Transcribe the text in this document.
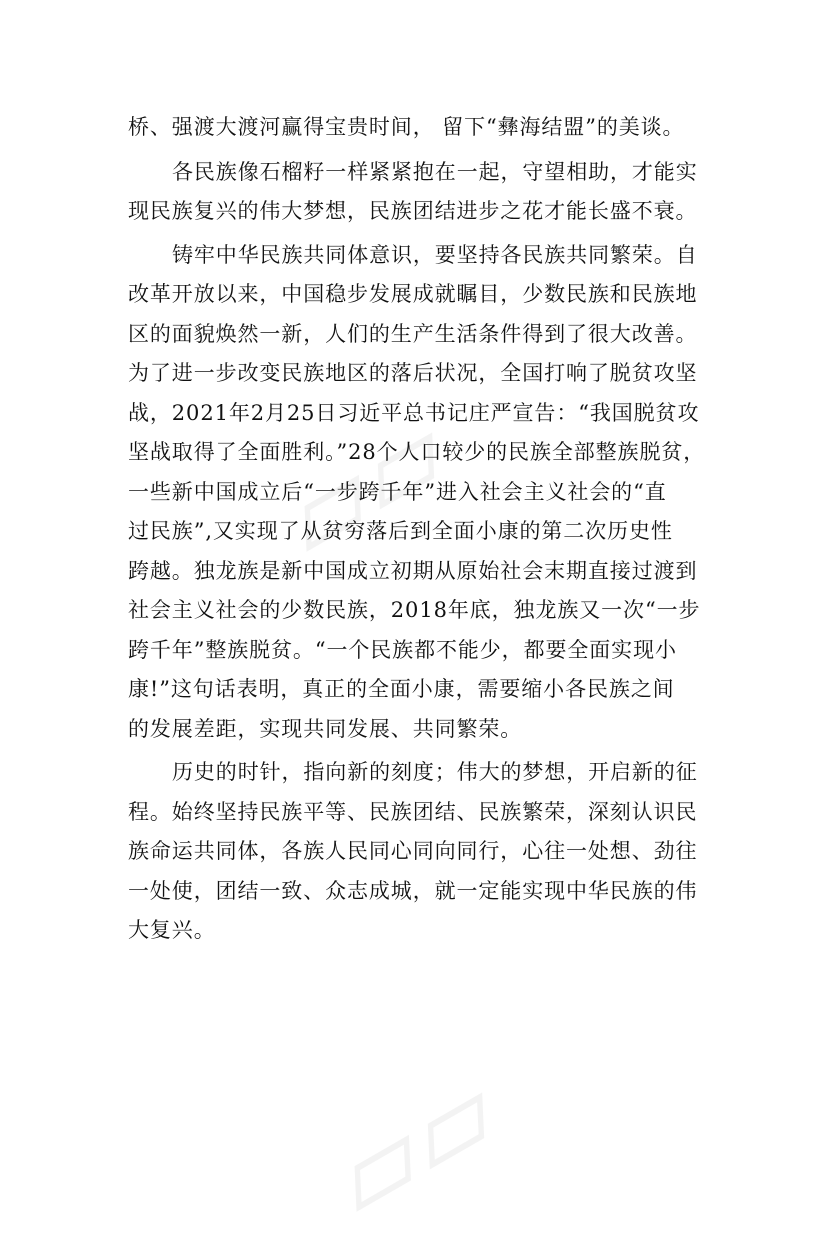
桥、强渡大渡河赢得宝贵时间， 留下“彝海结盟”的美谈。

各民族像石榴籽一样紧紧抱在一起，守望相助，才能实
现民族复兴的伟大梦想，民族团结进步之花才能长盛不衰。

铸牢中华民族共同体意识，要坚持各民族共同繁荣。自
改革开放以来，中国稳步发展成就瞩目，少数民族和民族地
区的面貌焕然一新，人们的生产生活条件得到了很大改善。
为了进一步改变民族地区的落后状况，全国打响了脱贫攻坚
战，2021年2月25日习近平总书记庄严宣告：“我国脱贫攻
坚战取得了全面胜利。”28个人口较少的民族全部整族脱贫，
一些新中国成立后“一步跨千年”进入社会主义社会的“直
过民族”,又实现了从贫穷落后到全面小康的第二次历史性
跨越。独龙族是新中国成立初期从原始社会末期直接过渡到
社会主义社会的少数民族，2018年底，独龙族又一次“一步
跨千年”整族脱贫。“一个民族都不能少，都要全面实现小
康!”这句话表明，真正的全面小康，需要缩小各民族之间
的发展差距，实现共同发展、共同繁荣。

历史的时针，指向新的刻度；伟大的梦想，开启新的征
程。始终坚持民族平等、民族团结、民族繁荣，深刻认识民
族命运共同体，各族人民同心同向同行，心往一处想、劲往
一处使，团结一致、众志成城，就一定能实现中华民族的伟
大复兴。
